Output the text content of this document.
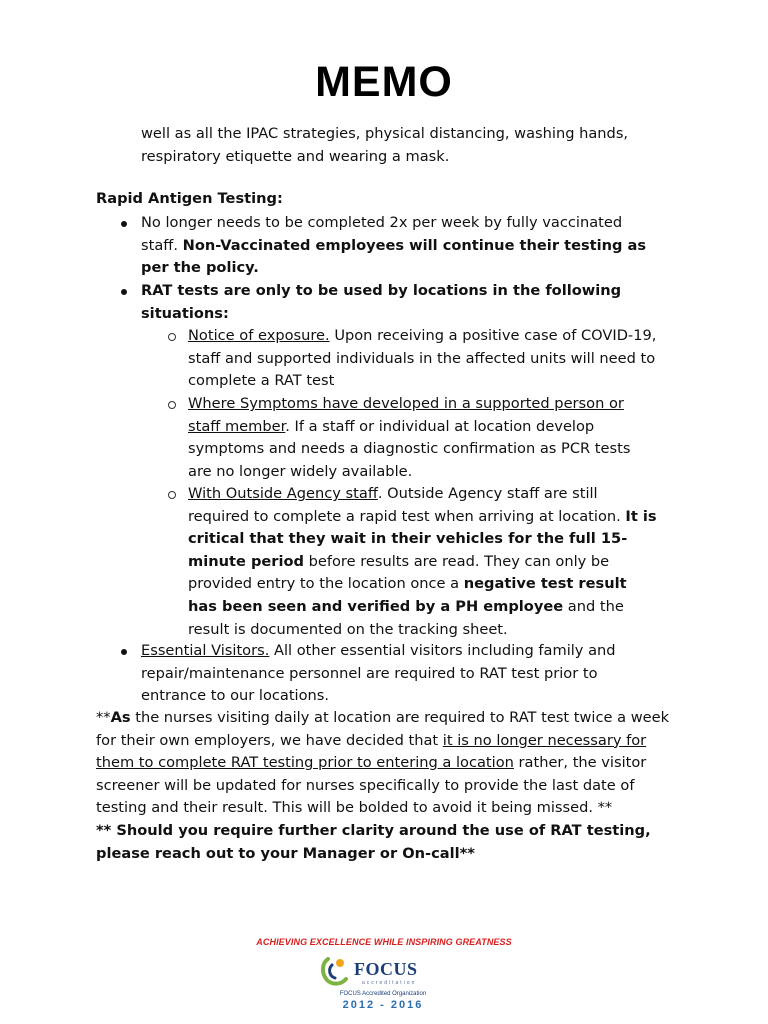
MEMO
well as all the IPAC strategies, physical distancing, washing hands, respiratory etiquette and wearing a mask.
Rapid Antigen Testing:
No longer needs to be completed 2x per week by fully vaccinated staff. Non-Vaccinated employees will continue their testing as per the policy.
RAT tests are only to be used by locations in the following situations:
Notice of exposure. Upon receiving a positive case of COVID-19, staff and supported individuals in the affected units will need to complete a RAT test
Where Symptoms have developed in a supported person or staff member. If a staff or individual at location develop symptoms and needs a diagnostic confirmation as PCR tests are no longer widely available.
With Outside Agency staff. Outside Agency staff are still required to complete a rapid test when arriving at location. It is critical that they wait in their vehicles for the full 15-minute period before results are read. They can only be provided entry to the location once a negative test result has been seen and verified by a PH employee and the result is documented on the tracking sheet.
Essential Visitors. All other essential visitors including family and repair/maintenance personnel are required to RAT test prior to entrance to our locations.
**As the nurses visiting daily at location are required to RAT test twice a week for their own employers, we have decided that it is no longer necessary for them to complete RAT testing prior to entering a location rather, the visitor screener will be updated for nurses specifically to provide the last date of testing and their result. This will be bolded to avoid it being missed. **
** Should you require further clarity around the use of RAT testing, please reach out to your Manager or On-call**
ACHIEVING EXCELLENCE WHILE INSPIRING GREATNESS
FOCUS
accreditation
FOCUS Accredited Organization
2012 - 2016
